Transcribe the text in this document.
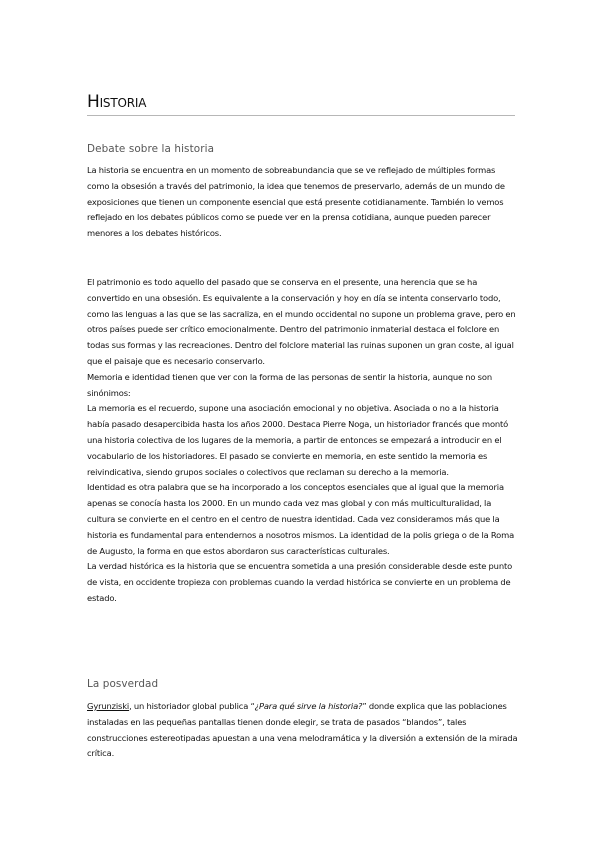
Historia
Debate sobre la historia

La historia se encuentra en un momento de sobreabundancia que se ve reflejado de múltiples formas como la obsesión a través del patrimonio, la idea que tenemos de preservarlo, además de un mundo de exposiciones que tienen un componente esencial que está presente cotidianamente. También lo vemos reflejado en los debates públicos como se puede ver en la prensa cotidiana, aunque pueden parecer menores a los debates históricos.

El patrimonio es todo aquello del pasado que se conserva en el presente, una herencia que se ha convertido en una obsesión. Es equivalente a la conservación y hoy en día se intenta conservarlo todo, como las lenguas a las que se las sacraliza, en el mundo occidental no supone un problema grave, pero en otros países puede ser crítico emocionalmente. Dentro del patrimonio inmaterial destaca el folclore en todas sus formas y las recreaciones. Dentro del folclore material las ruinas suponen un gran coste, al igual que el paisaje que es necesario conservarlo.
Memoria e identidad tienen que ver con la forma de las personas de sentir la historia, aunque no son sinónimos:
La memoria es el recuerdo, supone una asociación emocional y no objetiva. Asociada o no a la historia había pasado desapercibida hasta los años 2000. Destaca Pierre Noga, un historiador francés que montó una historia colectiva de los lugares de la memoria, a partir de entonces se empezará a introducir en el vocabulario de los historiadores. El pasado se convierte en memoria, en este sentido la memoria es reivindicativa, siendo grupos sociales o colectivos que reclaman su derecho a la memoria.
Identidad es otra palabra que se ha incorporado a los conceptos esenciales que al igual que la memoria apenas se conocía hasta los 2000. En un mundo cada vez mas global y con más multiculturalidad, la cultura se convierte en el centro en el centro de nuestra identidad. Cada vez consideramos más que la historia es fundamental para entendernos a nosotros mismos. La identidad de la polis griega o de la Roma de Augusto, la forma en que estos abordaron sus características culturales.
La verdad histórica es la historia que se encuentra sometida a una presión considerable desde este punto de vista, en occidente tropieza con problemas cuando la verdad histórica se convierte en un problema de estado.

La posverdad

Gyrunziski, un historiador global publica “¿Para qué sirve la historia?” donde explica que las poblaciones instaladas en las pequeñas pantallas tienen donde elegir, se trata de pasados “blandos”, tales construcciones estereotipadas apuestan a una vena melodramática y la diversión a extensión de la mirada crítica.
